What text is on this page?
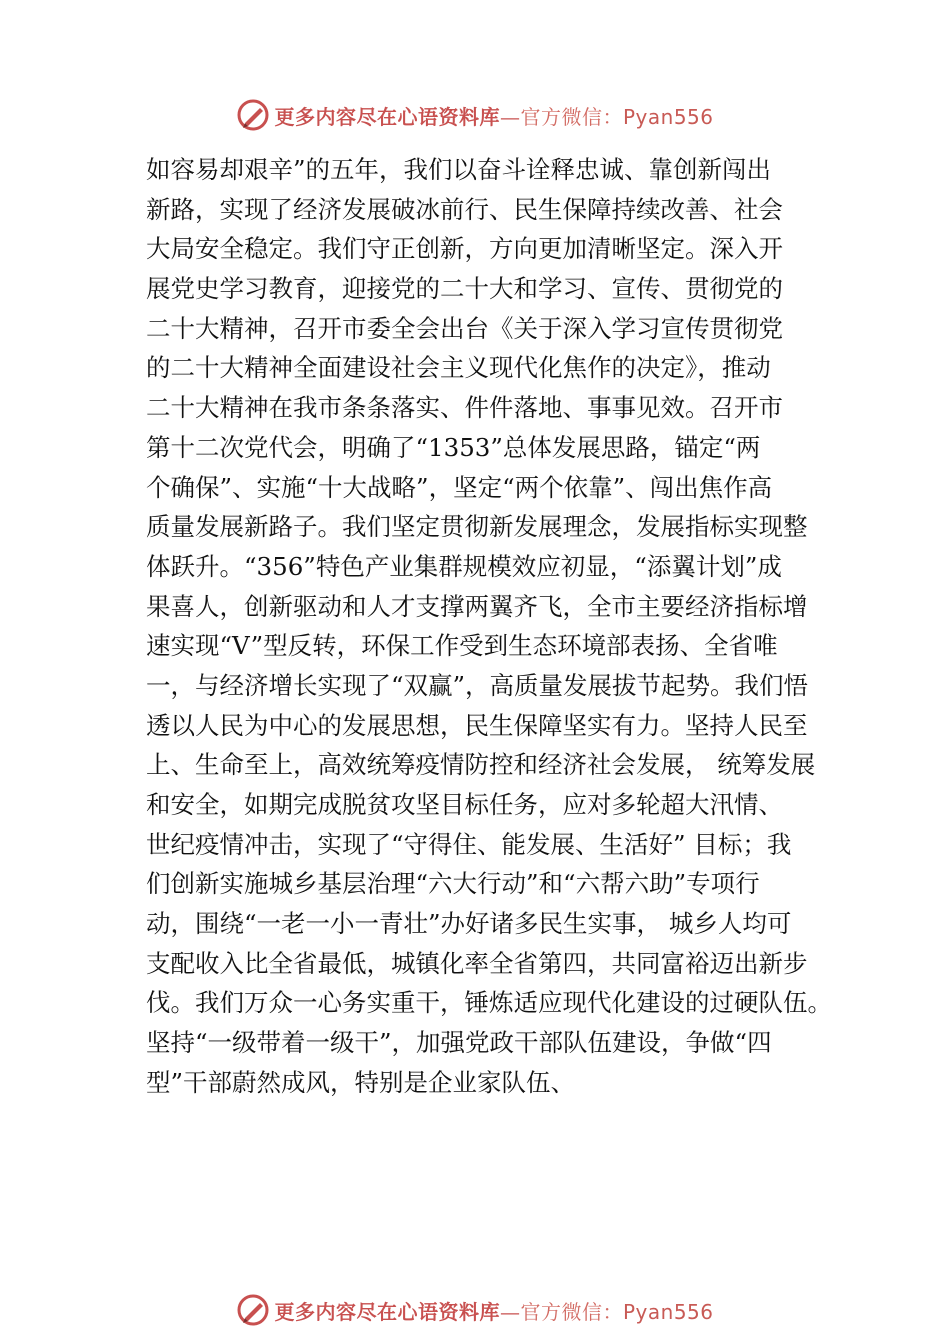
更多内容尽在心语资料库—官方微信：Pyan556
如容易却艰辛”的五年，我们以奋斗诠释忠诚、靠创新闯出
新路，实现了经济发展破冰前行、民生保障持续改善、社会
大局安全稳定。我们守正创新，方向更加清晰坚定。深入开
展党史学习教育，迎接党的二十大和学习、宣传、贯彻党的
二十大精神，召开市委全会出台《关于深入学习宣传贯彻党
的二十大精神全面建设社会主义现代化焦作的决定》，推动
二十大精神在我市条条落实、件件落地、事事见效。召开市
第十二次党代会，明确了“1353”总体发展思路，锚定“两
个确保”、实施“十大战略”，坚定“两个依靠”、闯出焦作高
质量发展新路子。我们坚定贯彻新发展理念，发展指标实现整
体跃升。“356”特色产业集群规模效应初显，“添翼计划”成
果喜人，创新驱动和人才支撑两翼齐飞，全市主要经济指标增
速实现“V”型反转，环保工作受到生态环境部表扬、全省唯
一，与经济增长实现了“双赢”，高质量发展拔节起势。我们悟
透以人民为中心的发展思想，民生保障坚实有力。坚持人民至
上、生命至上，高效统筹疫情防控和经济社会发展， 统筹发展
和安全，如期完成脱贫攻坚目标任务，应对多轮超大汛情、
世纪疫情冲击，实现了“守得住、能发展、生活好” 目标；我
们创新实施城乡基层治理“六大行动”和“六帮六助”专项行
动，围绕“一老一小一青壮”办好诸多民生实事， 城乡人均可
支配收入比全省最低，城镇化率全省第四，共同富裕迈出新步
伐。我们万众一心务实重干，锤炼适应现代化建设的过硬队伍。
坚持“一级带着一级干”，加强党政干部队伍建设，争做“四
型”干部蔚然成风，特别是企业家队伍、
更多内容尽在心语资料库—官方微信：Pyan556
